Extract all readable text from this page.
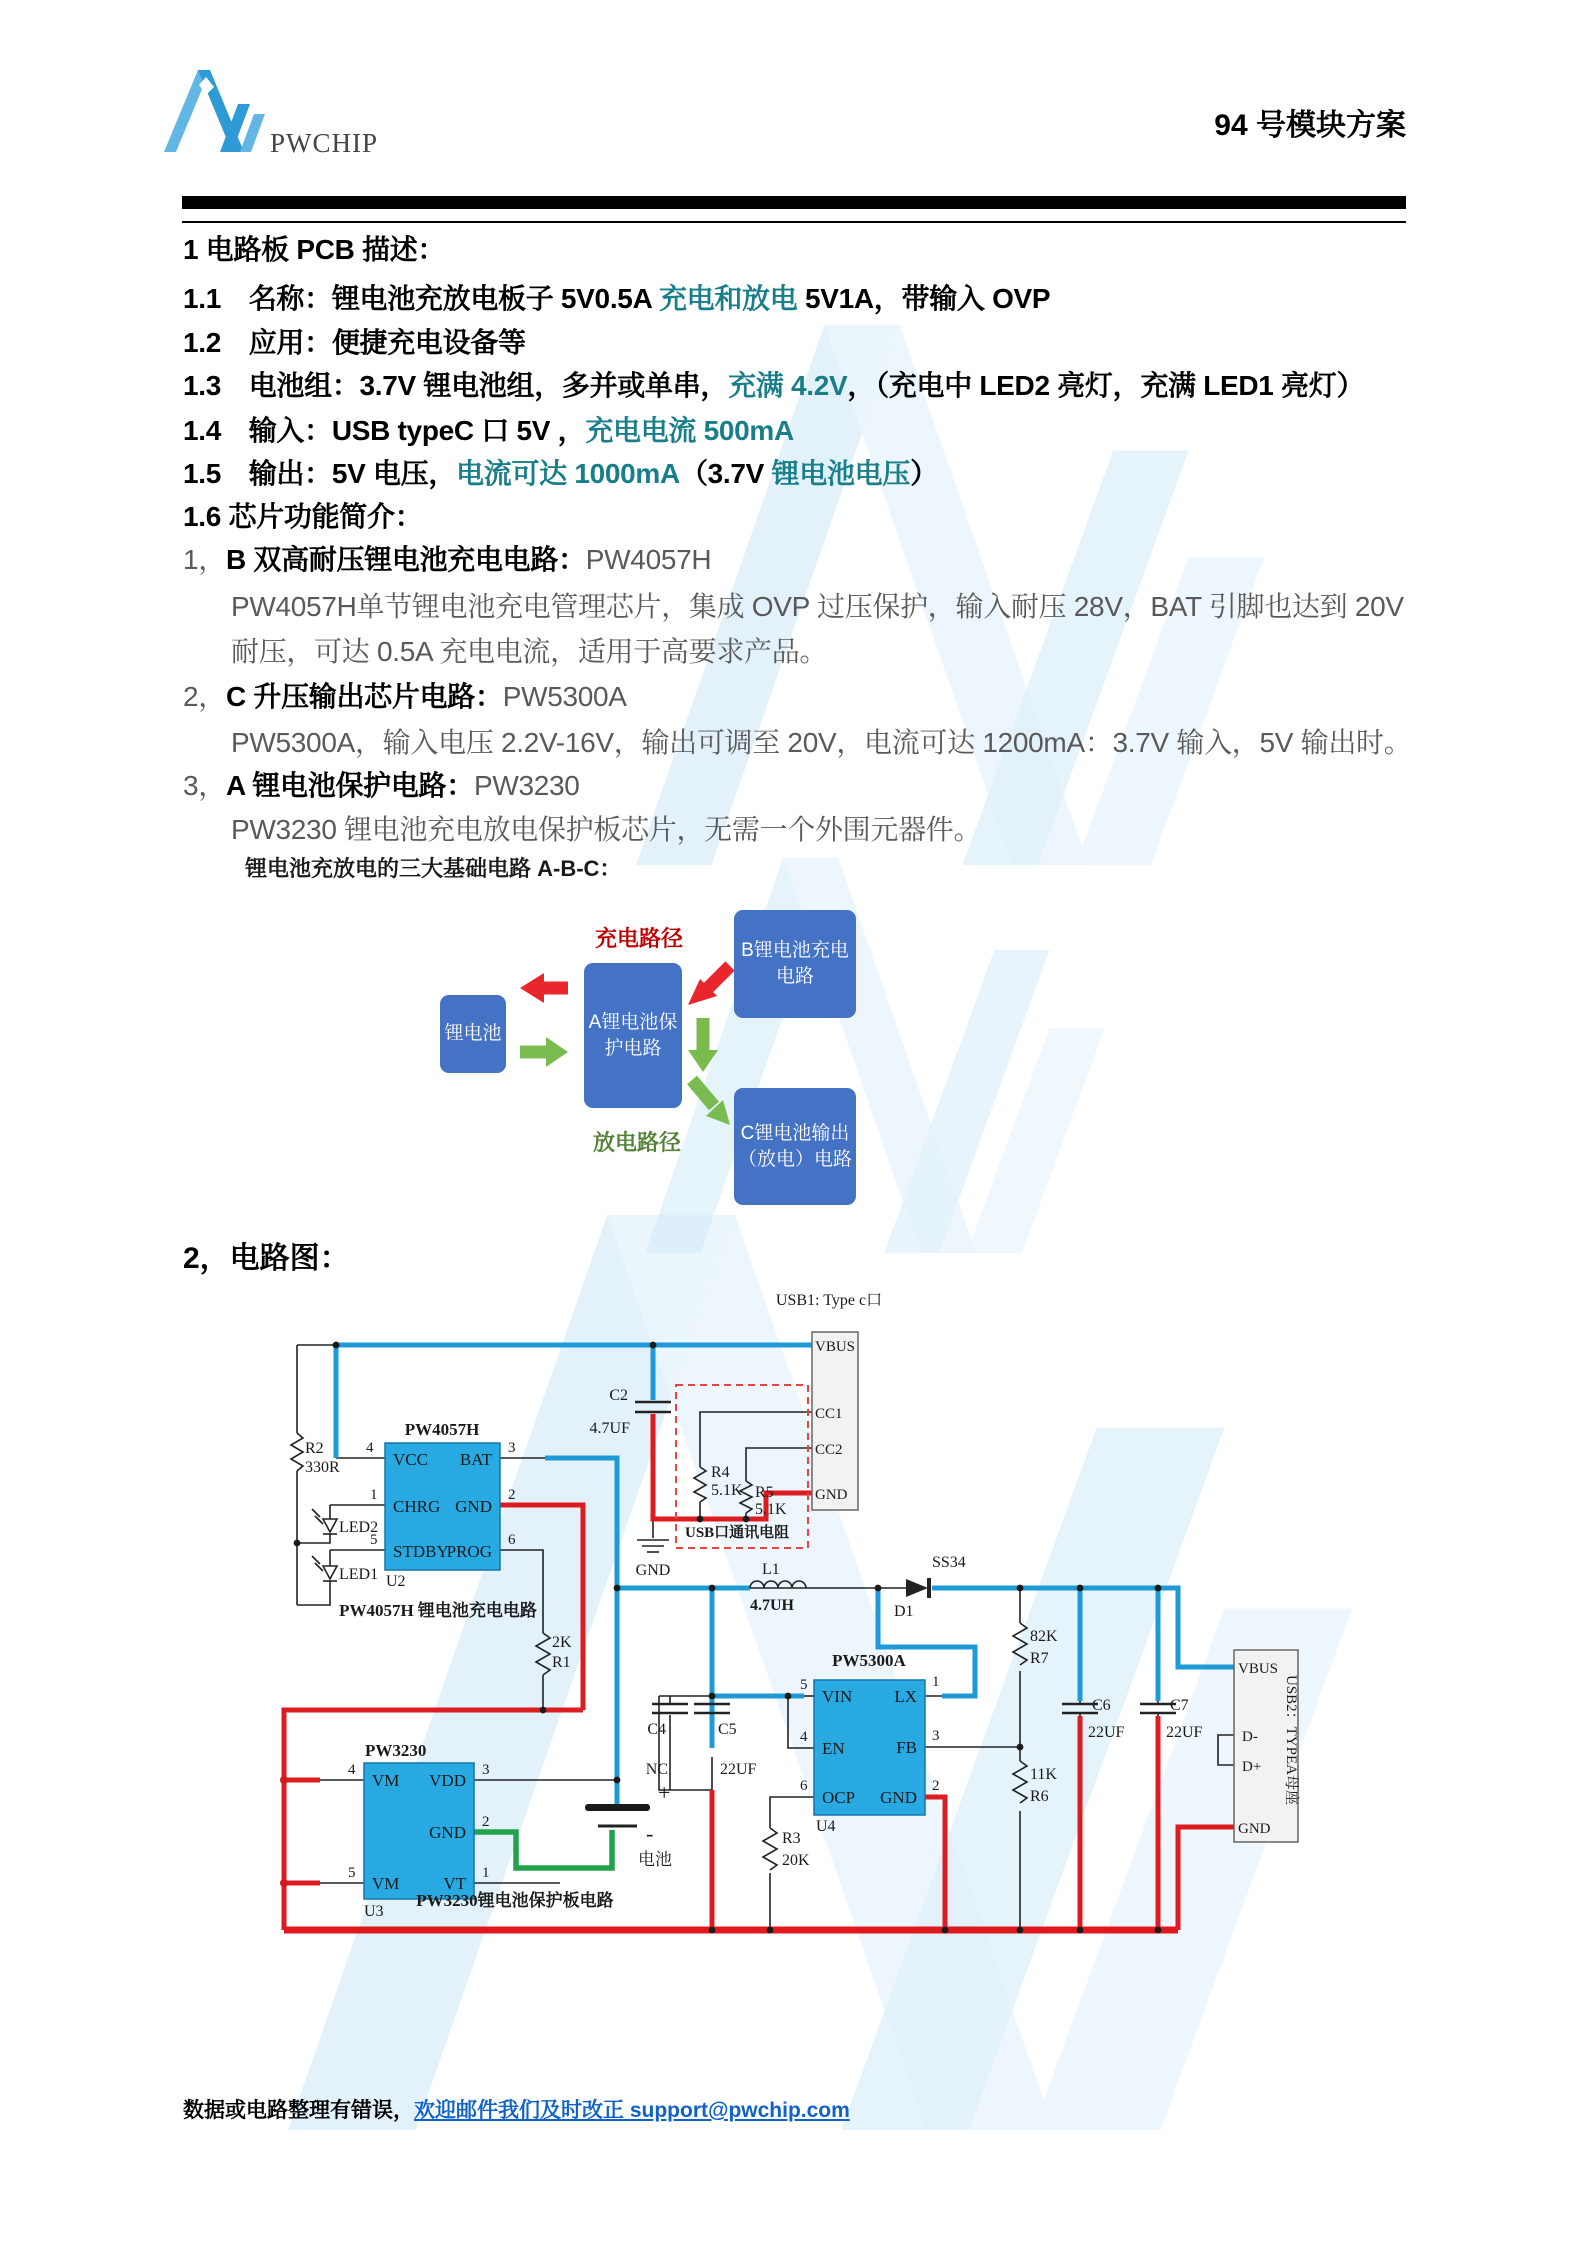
PWCHIP
94 号模块方案
1 电路板 PCB 描述：
1.1　名称：锂电池充放电板子 5V0.5A 充电和放电 5V1A，带输入 OVP
1.2　应用：便捷充电设备等
1.3　电池组：3.7V 锂电池组，多并或单串，充满 4.2V，（充电中 LED2 亮灯，充满 LED1 亮灯）
1.4　输入：USB typeC 口 5V ，充电电流 500mA
1.5　输出：5V 电压，电流可达 1000mA（3.7V 锂电池电压）
1.6 芯片功能简介：
1，B 双高耐压锂电池充电电路：PW4057H
PW4057H单节锂电池充电管理芯片，集成 OVP 过压保护，输入耐压 28V，BAT 引脚也达到 20V
耐压，可达 0.5A 充电电流，适用于高要求产品。
2，C 升压输出芯片电路：PW5300A
PW5300A，输入电压 2.2V-16V，输出可调至 20V，电流可达 1200mA：3.7V 输入，5V 输出时。
3，A 锂电池保护电路：PW3230
PW3230 锂电池充电放电保护板芯片，无需一个外围元器件。
锂电池充放电的三大基础电路 A-B-C：
充电路径
放电路径
锂电池
A锂电池保护电路
B锂电池充电电路
C锂电池输出（放电）电路
2，电路图：
R2
330R
LED2
LED1
PW4057H
VCC BAT
CHRG GND
STDBY
PROG
4
1
5
3
2
6
U2
PW4057H 锂电池充电电路
2K
R1
C2
4.7UF
GND
R4
5.1K R5
5.1K
USB口通讯电阻
USB1: Type c口
VBUS
CC1
CC2
GND
L1
4.7UH
SS34
D1
C4
NC
C5
22UF
+
-
电池
PW3230
VM VDD
GND
VM	VT
4
5
3
2
1
U3
PW3230锂电池保护板电路
PW5300A
VIN LX
EN	FB
OCP GND
5
4
6
1
3
2
U4
R3
20K
82K
R7
11K
R6
C6
22UF
C7
22UF
VBUS
D-
D+
GND
USB2：TYPEA母座
数据或电路整理有错误，欢迎邮件我们及时改正 support@pwchip.com
